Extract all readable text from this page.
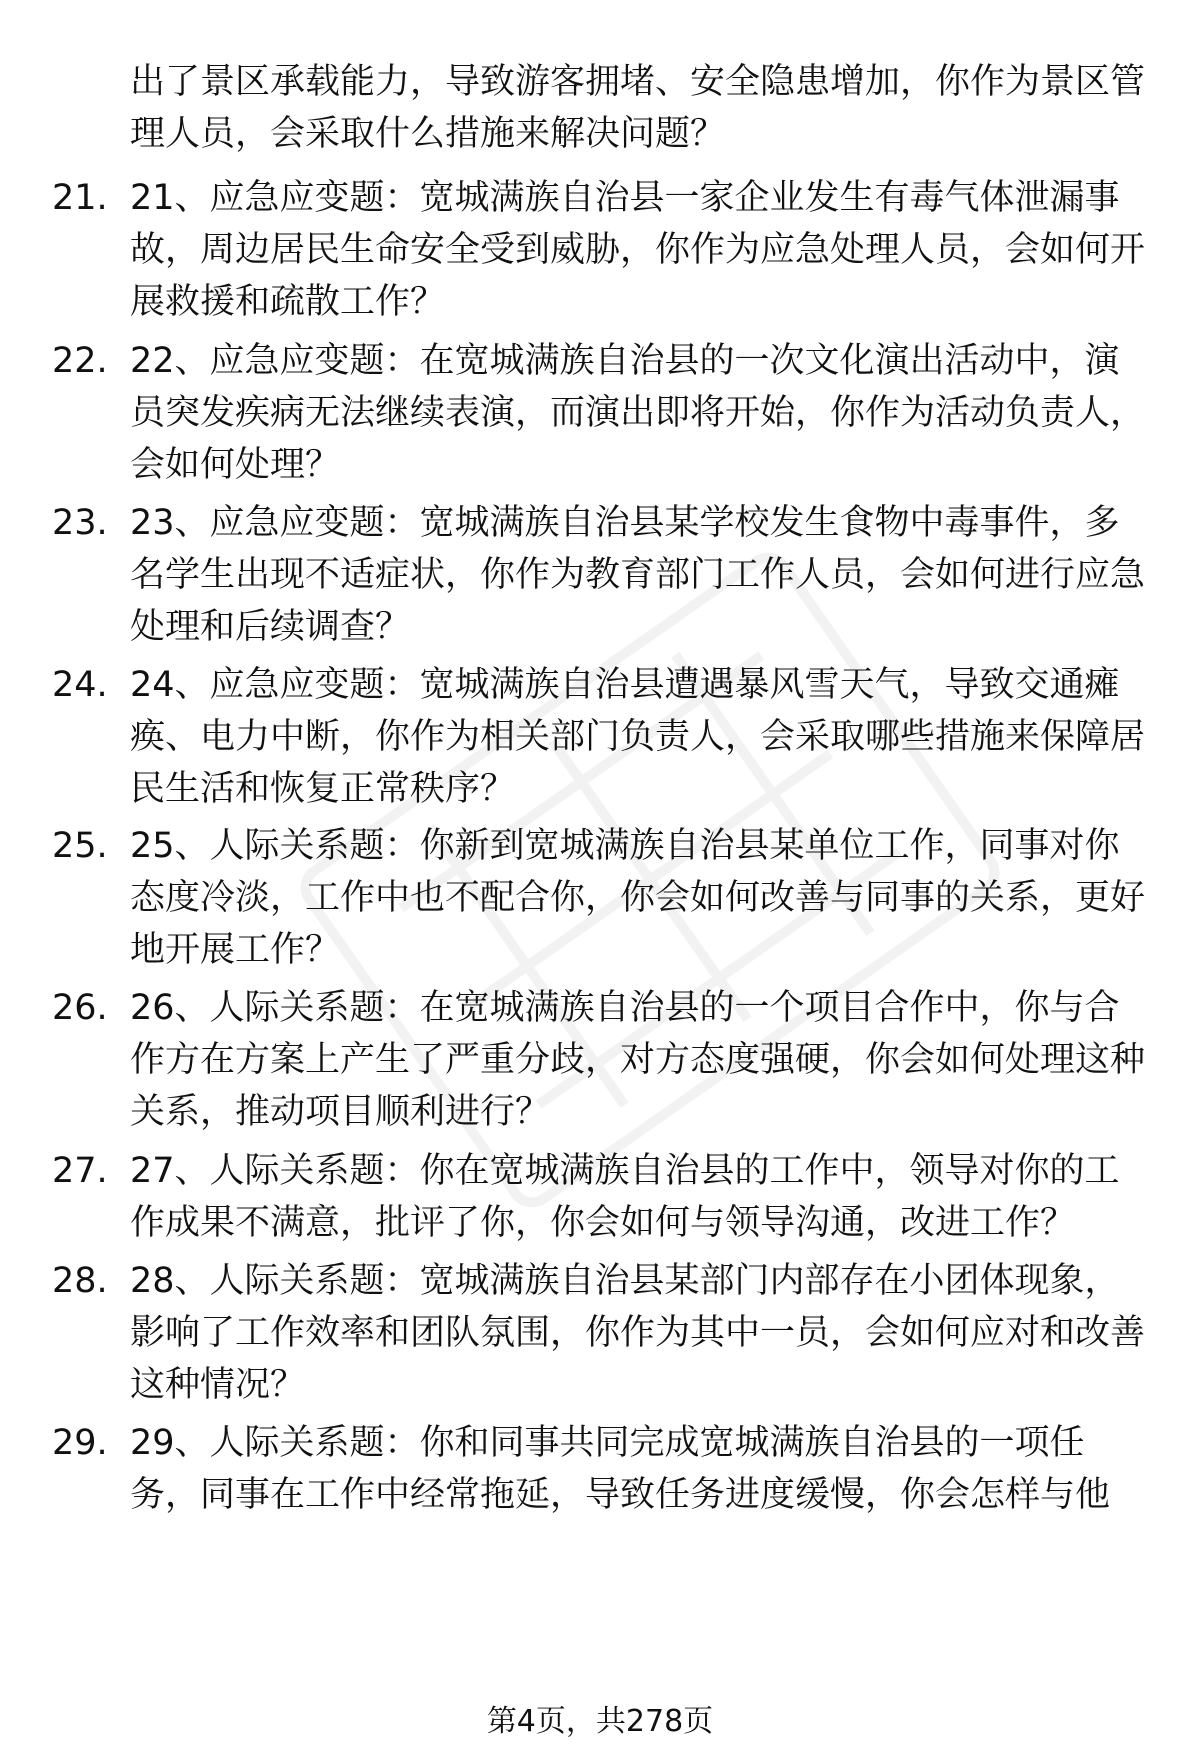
出了景区承载能力，导致游客拥堵、安全隐患增加，你作为景区管理人员，会采取什么措施来解决问题？

21. 21、应急应变题：宽城满族自治县一家企业发生有毒气体泄漏事故，周边居民生命安全受到威胁，你作为应急处理人员，会如何开展救援和疏散工作？

22. 22、应急应变题：在宽城满族自治县的一次文化演出活动中，演员突发疾病无法继续表演，而演出即将开始，你作为活动负责人，会如何处理？

23. 23、应急应变题：宽城满族自治县某学校发生食物中毒事件，多名学生出现不适症状，你作为教育部门工作人员，会如何进行应急处理和后续调查？

24. 24、应急应变题：宽城满族自治县遭遇暴风雪天气，导致交通瘫痪、电力中断，你作为相关部门负责人，会采取哪些措施来保障居民生活和恢复正常秩序？

25. 25、人际关系题：你新到宽城满族自治县某单位工作，同事对你态度冷淡，工作中也不配合你，你会如何改善与同事的关系，更好地开展工作？

26. 26、人际关系题：在宽城满族自治县的一个项目合作中，你与合作方在方案上产生了严重分歧，对方态度强硬，你会如何处理这种关系，推动项目顺利进行？

27. 27、人际关系题：你在宽城满族自治县的工作中，领导对你的工作成果不满意，批评了你，你会如何与领导沟通，改进工作？

28. 28、人际关系题：宽城满族自治县某部门内部存在小团体现象，影响了工作效率和团队氛围，你作为其中一员，会如何应对和改善这种情况？

29. 29、人际关系题：你和同事共同完成宽城满族自治县的一项任务，同事在工作中经常拖延，导致任务进度缓慢，你会怎样与他

第4页，共278页
